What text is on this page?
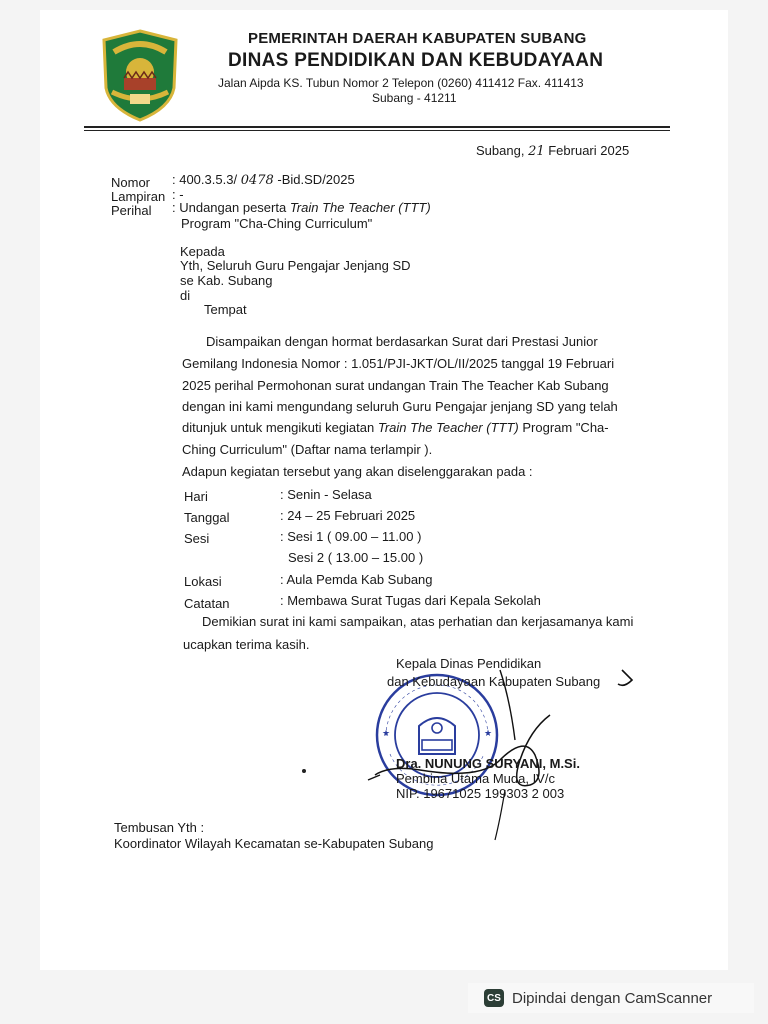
PEMERINTAH DAERAH KABUPATEN SUBANG
DINAS PENDIDIKAN DAN KEBUDAYAAN
Jalan Aipda KS. Tubun Nomor 2 Telepon (0260) 411412 Fax. 411413
Subang - 41211
Subang, 21 Februari 2025
Nomor : 400.3.5.3/ 0478 -Bid.SD/2025
Lampiran : -
Perihal : Undangan peserta Train The Teacher (TTT)
Program "Cha-Ching Curriculum"
Kepada
Yth, Seluruh Guru Pengajar Jenjang SD
se Kab. Subang
di
Tempat
Disampaikan dengan hormat berdasarkan Surat dari Prestasi Junior
Gemilang Indonesia Nomor : 1.051/PJI-JKT/OL/II/2025 tanggal 19 Februari
2025 perihal Permohonan surat undangan Train The Teacher Kab Subang
dengan ini kami mengundang seluruh Guru Pengajar jenjang SD yang telah
ditunjuk untuk mengikuti kegiatan Train The Teacher (TTT) Program "Cha-
Ching Curriculum" (Daftar nama terlampir ).
Adapun kegiatan tersebut yang akan diselenggarakan pada :
Hari	: Senin - Selasa
Tanggal	: 24 – 25 Februari 2025
Sesi	: Sesi 1 ( 09.00 – 11.00 )
Sesi 2 ( 13.00 – 15.00 )
Lokasi	: Aula Pemda Kab Subang
Catatan	: Membawa Surat Tugas dari Kepala Sekolah
Demikian surat ini kami sampaikan, atas perhatian dan kerjasamanya kami
ucapkan terima kasih.
★	★
Kepala Dinas Pendidikan
dan Kebudayaan Kabupaten Subang
Dra. NUNUNG SURYANI, M.Si.
Pembina Utama Muda, IV/c
NIP. 19671025 199303 2 003
Tembusan Yth :
Koordinator Wilayah Kecamatan se-Kabupaten Subang
CS Dipindai dengan CamScanner
